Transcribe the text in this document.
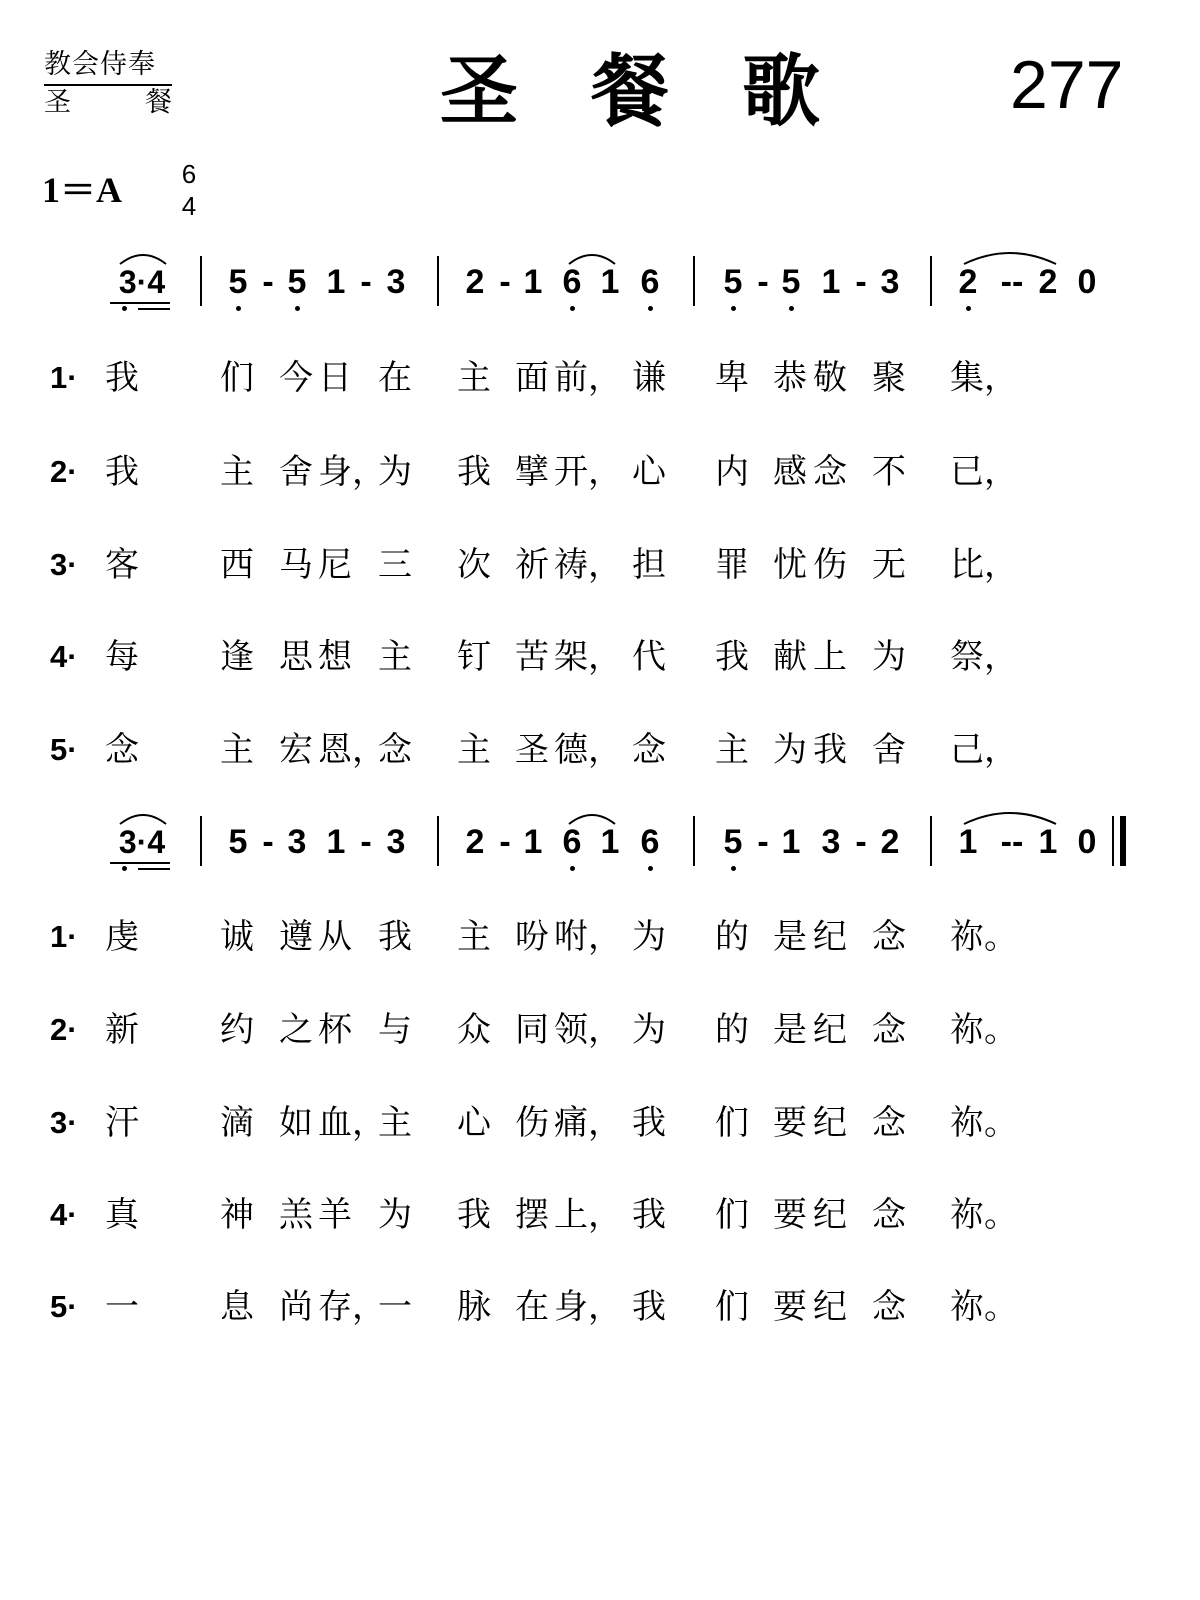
教会侍奉
圣	餐	圣 餐 歌	277
1＝A 6
4
3·4 5 - 5 1 - 3 2 - 1 6 1 6 5 - 5 1 - 3 2 -- 2 0
1· 我 们 今 日 在 主 面 前， 谦 卑 恭 敬 聚 集，
2· 我 主 舍 身，
为 我 擘 开， 心 内 感 念 不 已，
3· 客 西 马 尼 三 次 祈 祷， 担 罪 忧 伤 无 比，
4· 每 逢 思 想 主 钉 苦 架， 代 我 献 上 为 祭，
5· 念 主 宏 恩，
念 主 圣 德， 念 主 为 我 舍 己，
3·4 5 - 3 1 - 3 2 - 1 6 1 6 5 - 1 3 - 2 1 -- 1 0
1· 虔 诚 遵 从 我 主 吩 咐， 为 的 是 纪 念 祢。
2· 新 约 之 杯 与 众 同 领， 为 的 是 纪 念 祢。
3· 汗 滴 如 血，
主 心 伤 痛， 我 们 要 纪 念 祢。
4· 真 神 羔 羊 为 我 摆 上， 我 们 要 纪 念 祢。
5· 一 息 尚 存，
一 脉 在 身， 我 们 要 纪 念 祢。
